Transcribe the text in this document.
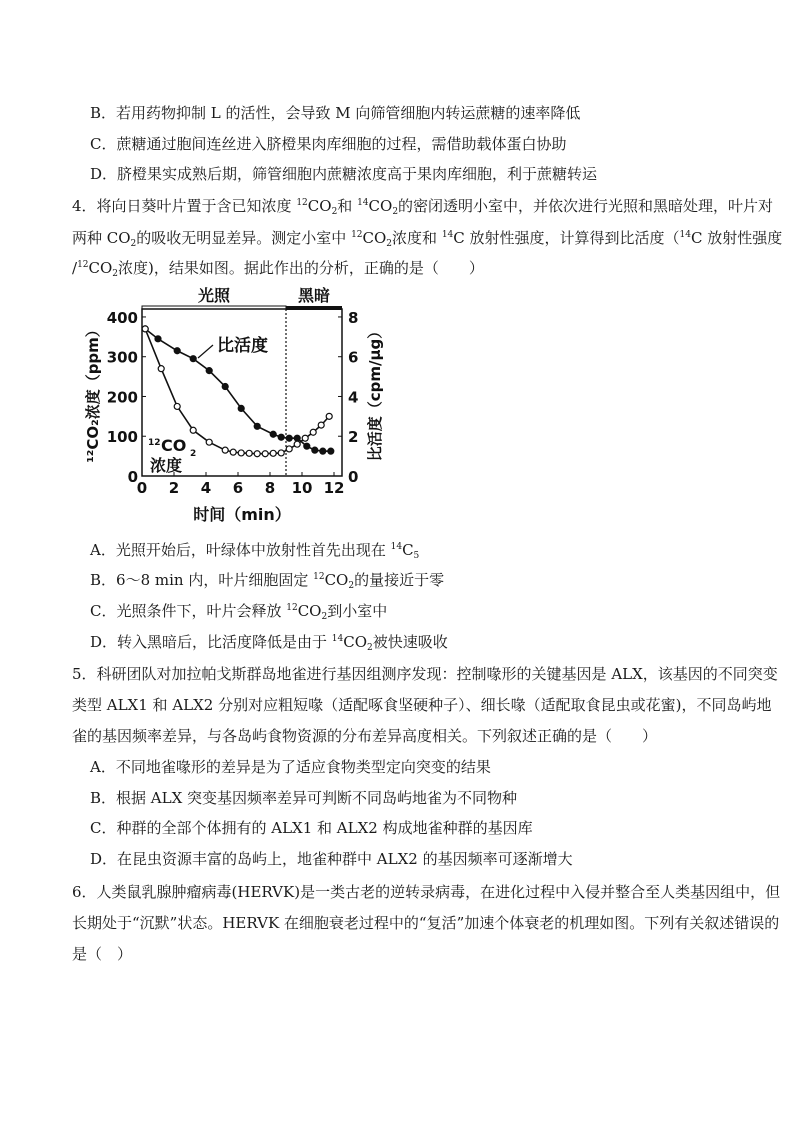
B．若用药物抑制 L 的活性，会导致 M 向筛管细胞内转运蔗糖的速率降低
C．蔗糖通过胞间连丝进入脐橙果肉库细胞的过程，需借助载体蛋白协助
D．脐橙果实成熟后期，筛管细胞内蔗糖浓度高于果肉库细胞，利于蔗糖转运
4．将向日葵叶片置于含已知浓度 $^{12}CO_2$和 $^{14}CO_2$的密闭透明小室中，并依次进行光照和黑暗处理，叶片对
两种 $CO_2$的吸收无明显差异。测定小室中 $^{12}CO_2$浓度和 $^{14}$C 放射性强度，计算得到比活度（$^{14}$C 放射性强度
$/^{12}CO_2$浓度)，结果如图。据此作出的分析，正确的是（　　）
光照	黑暗
0 2 4 6 8 10 12
时间（min）
0
100
200
300
400
0
2
4
6
8
¹²CO₂浓度（ppm）	比活度（cpm/μg）
比活度
12 CO 2
浓度
A．光照开始后，叶绿体中放射性首先出现在 $^{14}C_5$
B．6～8 min 内，叶片细胞固定 $^{12}CO_2$的量接近于零
C．光照条件下，叶片会释放 $^{12}CO_2$到小室中
D．转入黑暗后，比活度降低是由于 $^{14}CO_2$被快速吸收
5．科研团队对加拉帕戈斯群岛地雀进行基因组测序发现：控制喙形的关键基因是 ALX，该基因的不同突变
类型 ALX1 和 ALX2 分别对应粗短喙（适配啄食坚硬种子）、细长喙（适配取食昆虫或花蜜)，不同岛屿地
雀的基因频率差异，与各岛屿食物资源的分布差异高度相关。下列叙述正确的是（　　）
A．不同地雀喙形的差异是为了适应食物类型定向突变的结果
B．根据 ALX 突变基因频率差异可判断不同岛屿地雀为不同物种
C．种群的全部个体拥有的 ALX1 和 ALX2 构成地雀种群的基因库
D．在昆虫资源丰富的岛屿上，地雀种群中 ALX2 的基因频率可逐渐增大
6．人类鼠乳腺肿瘤病毒(HERVK)是一类古老的逆转录病毒，在进化过程中入侵并整合至人类基因组中，但
长期处于“沉默”状态。HERVK 在细胞衰老过程中的“复活”加速个体衰老的机理如图。下列有关叙述错误的
是（　）
